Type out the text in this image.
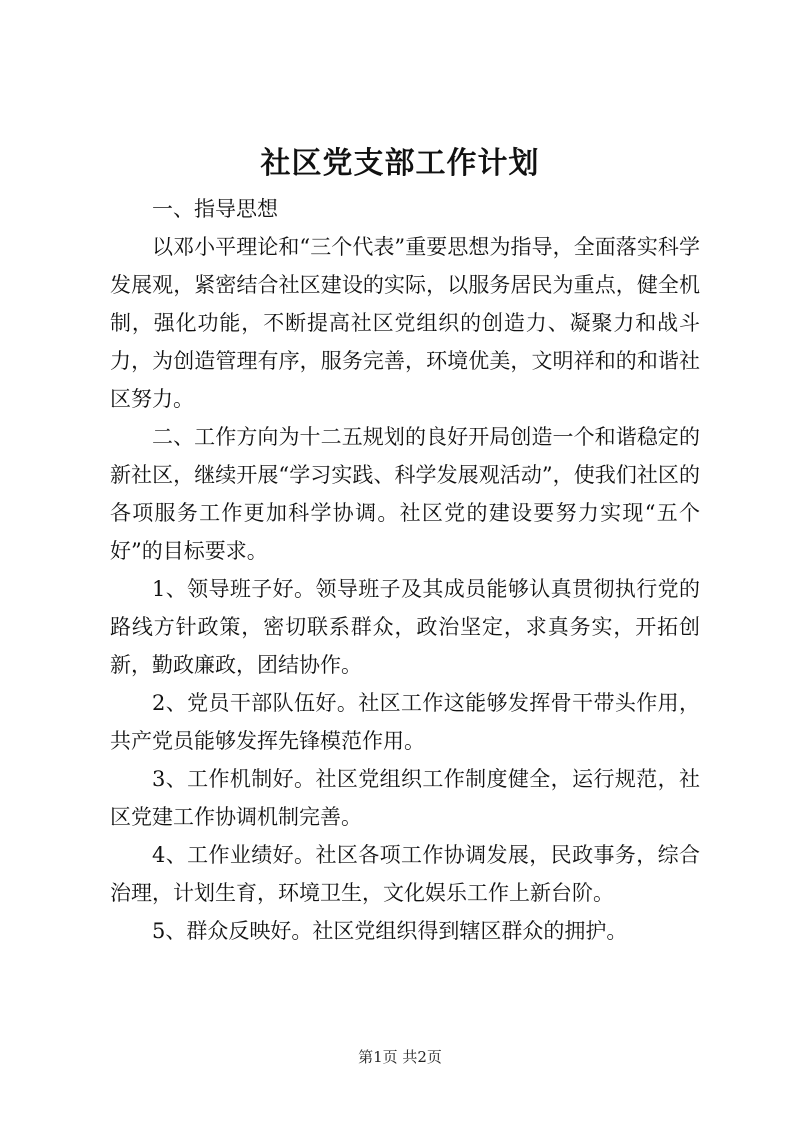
社区党支部工作计划

一、指导思想

以邓小平理论和“三个代表”重要思想为指导，全面落实科学发展观，紧密结合社区建设的实际，以服务居民为重点，健全机制，强化功能，不断提高社区党组织的创造力、凝聚力和战斗力，为创造管理有序，服务完善，环境优美，文明祥和的和谐社区努力。

二、工作方向为十二五规划的良好开局创造一个和谐稳定的新社区，继续开展“学习实践、科学发展观活动”，使我们社区的各项服务工作更加科学协调。社区党的建设要努力实现“五个好”的目标要求。

1、领导班子好。领导班子及其成员能够认真贯彻执行党的路线方针政策，密切联系群众，政治坚定，求真务实，开拓创新，勤政廉政，团结协作。

2、党员干部队伍好。社区工作这能够发挥骨干带头作用，共产党员能够发挥先锋模范作用。

3、工作机制好。社区党组织工作制度健全，运行规范，社区党建工作协调机制完善。

4、工作业绩好。社区各项工作协调发展，民政事务，综合治理，计划生育，环境卫生，文化娱乐工作上新台阶。

5、群众反映好。社区党组织得到辖区群众的拥护。

第1页 共2页
